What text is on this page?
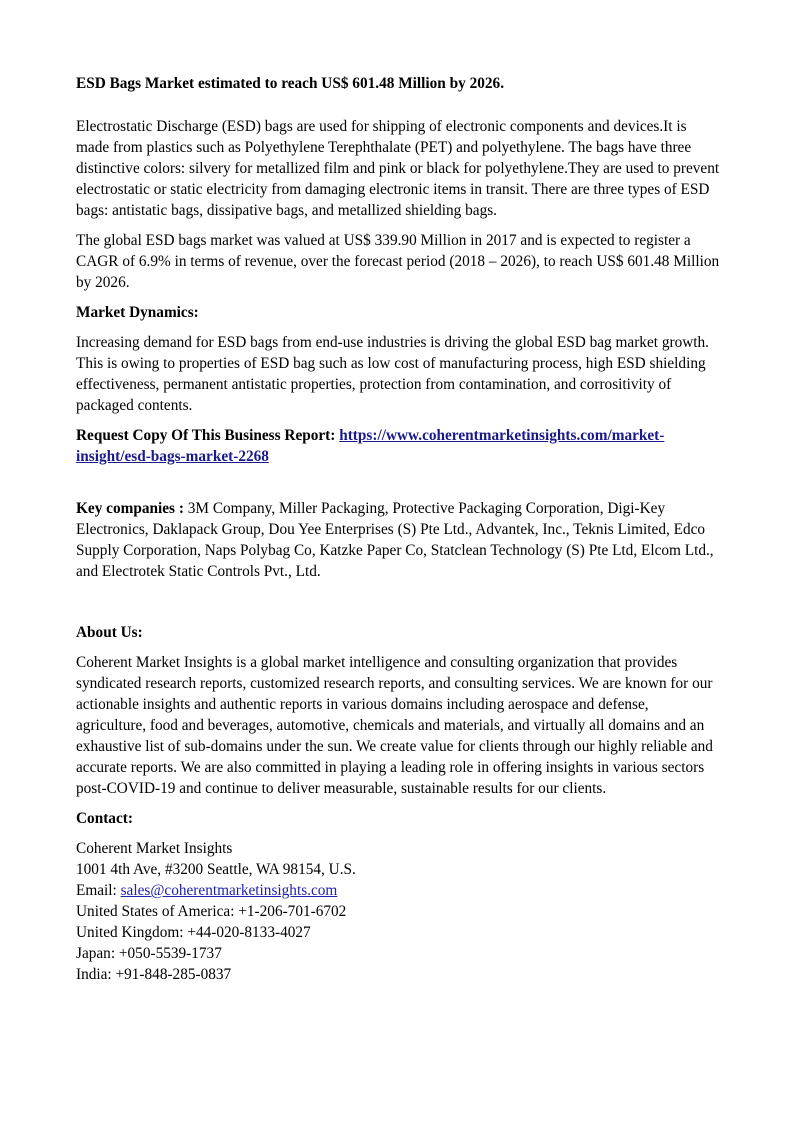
ESD Bags Market estimated to reach US$ 601.48 Million by 2026.

Electrostatic Discharge (ESD) bags are used for shipping of electronic components and devices.It is made from plastics such as Polyethylene Terephthalate (PET) and polyethylene. The bags have three distinctive colors: silvery for metallized film and pink or black for polyethylene.They are used to prevent electrostatic or static electricity from damaging electronic items in transit. There are three types of ESD bags: antistatic bags, dissipative bags, and metallized shielding bags.

The global ESD bags market was valued at US$ 339.90 Million in 2017 and is expected to register a CAGR of 6.9% in terms of revenue, over the forecast period (2018 – 2026), to reach US$ 601.48 Million by 2026.

Market Dynamics:

Increasing demand for ESD bags from end-use industries is driving the global ESD bag market growth. This is owing to properties of ESD bag such as low cost of manufacturing process, high ESD shielding effectiveness, permanent antistatic properties, protection from contamination, and corrositivity of packaged contents.

Request Copy Of This Business Report: https://www.coherentmarketinsights.com/market-insight/esd-bags-market-2268

Key companies : 3M Company, Miller Packaging, Protective Packaging Corporation, Digi-Key Electronics, Daklapack Group, Dou Yee Enterprises (S) Pte Ltd., Advantek, Inc., Teknis Limited, Edco Supply Corporation, Naps Polybag Co, Katzke Paper Co, Statclean Technology (S) Pte Ltd, Elcom Ltd., and Electrotek Static Controls Pvt., Ltd.

About Us:

Coherent Market Insights is a global market intelligence and consulting organization that provides syndicated research reports, customized research reports, and consulting services. We are known for our actionable insights and authentic reports in various domains including aerospace and defense, agriculture, food and beverages, automotive, chemicals and materials, and virtually all domains and an exhaustive list of sub-domains under the sun. We create value for clients through our highly reliable and accurate reports. We are also committed in playing a leading role in offering insights in various sectors post-COVID-19 and continue to deliver measurable, sustainable results for our clients.

Contact:

Coherent Market Insights
1001 4th Ave, #3200 Seattle, WA 98154, U.S.
Email: sales@coherentmarketinsights.com
United States of America: +1-206-701-6702
United Kingdom: +44-020-8133-4027
Japan: +050-5539-1737
India: +91-848-285-0837
